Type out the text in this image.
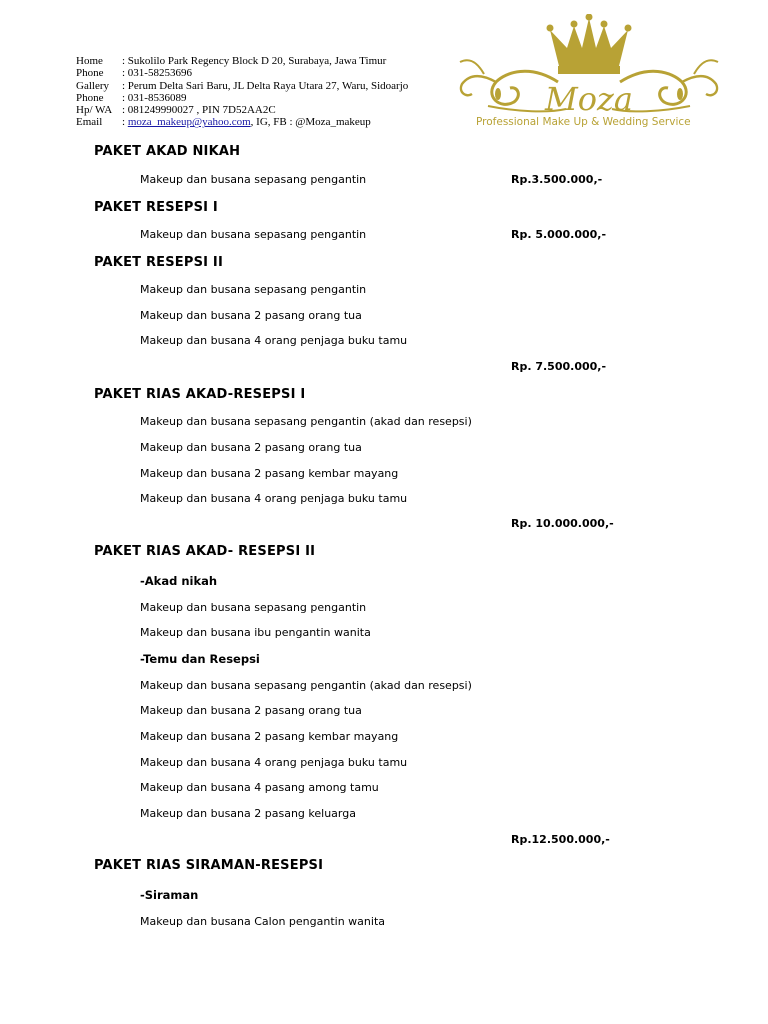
Home	: Sukolilo Park Regency Block D 20, Surabaya, Jawa Timur
Phone	: 031-58253696
Gallery	: Perum Delta Sari Baru, JL Delta Raya Utara 27, Waru, Sidoarjo
Phone	: 031-8536089
Hp/ WA : 081249990027 , PIN 7D52AA2C
Email	: moza_makeup@yahoo.com, IG, FB : @Moza_makeup
Moza
Professional Make Up & Wedding Service
PAKET AKAD NIKAH
Makeup dan busana sepasang pengantin	Rp.3.500.000,-
PAKET RESEPSI I
Makeup dan busana sepasang pengantin	Rp. 5.000.000,-
PAKET RESEPSI II
Makeup dan busana sepasang pengantin
Makeup dan busana 2 pasang orang tua
Makeup dan busana 4 orang penjaga buku tamu
Rp. 7.500.000,-
PAKET RIAS AKAD-RESEPSI I
Makeup dan busana sepasang pengantin (akad dan resepsi)
Makeup dan busana 2 pasang orang tua
Makeup dan busana 2 pasang kembar mayang
Makeup dan busana 4 orang penjaga buku tamu
Rp. 10.000.000,-
PAKET RIAS AKAD- RESEPSI II
-Akad nikah
Makeup dan busana sepasang pengantin
Makeup dan busana ibu pengantin wanita
-Temu dan Resepsi
Makeup dan busana sepasang pengantin (akad dan resepsi)
Makeup dan busana 2 pasang orang tua
Makeup dan busana 2 pasang kembar mayang
Makeup dan busana 4 orang penjaga buku tamu
Makeup dan busana 4 pasang among tamu
Makeup dan busana 2 pasang keluarga
Rp.12.500.000,-
PAKET RIAS SIRAMAN-RESEPSI
-Siraman
Makeup dan busana Calon pengantin wanita
